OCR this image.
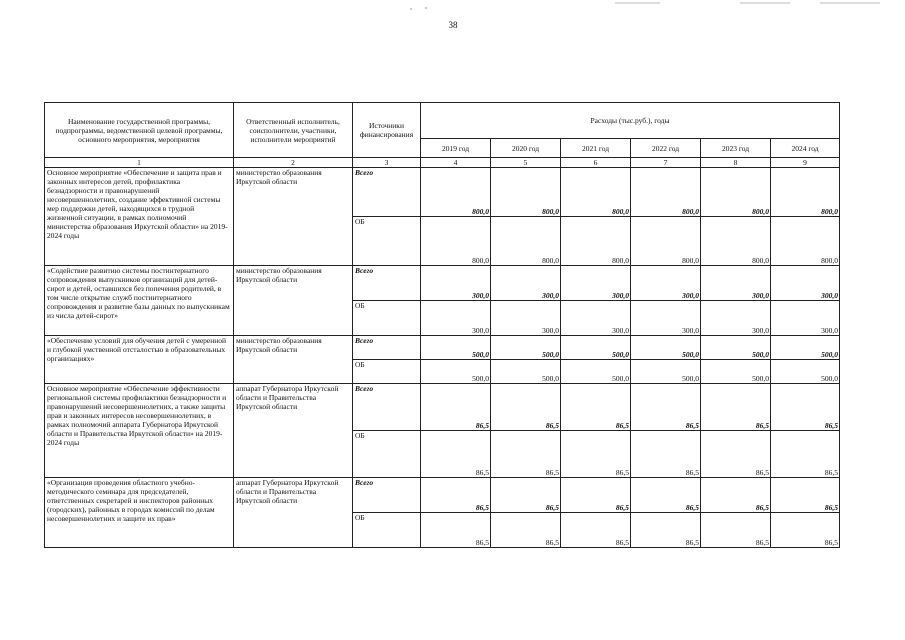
38
Наименование государственной программы, подпрограммы, ведомственной целевой программы, основного мероприятия, мероприятия	Ответственный исполнитель, соисполнители, участники, исполнители мероприятий	Источники финансирования	Расходы (тыс.руб.), годы					
			2019 год	2020 год	2021 год	2022 год	2023 год	2024 год
1	2	3	4	5	6	7	8	9
Основное мероприятие «Обеспечение и защита прав и законных интересов детей, профилактика безнадзорности и правонарушений несовершеннолетних, создание эффективной системы мер поддержки детей, находящихся в трудной жизненной ситуации, в рамках полномочий министерства образования Иркутской области» на 2019-2024 годы	министерство образования Иркутской области	Всего	800,0	800,0	800,0	800,0	800,0	800,0
		ОБ	800,0	800,0	800,0	800,0	800,0	800,0
«Содействие развитию системы постинтернатного сопровождения выпускников организаций для детей-сирот и детей, оставшихся без попечения родителей, в том числе открытие служб постинтернатного сопровождения и развитие базы данных по выпускникам из числа детей-сирот»	министерство образования Иркутской области	Всего	300,0	300,0	300,0	300,0	300,0	300,0
		ОБ	300,0	300,0	300,0	300,0	300,0	300,0
«Обеспечение условий для обучения детей с умеренной и глубокой умственной отсталостью в образовательных организациях»	министерство образования Иркутской области	Всего	500,0	500,0	500,0	500,0	500,0	500,0
		ОБ	500,0	500,0	500,0	500,0	500,0	500,0
Основное мероприятие «Обеспечение эффективности региональной системы профилактики безнадзорности и правонарушений несовершеннолетних, а также защиты прав и законных интересов несовершеннолетних, в рамках полномочий аппарата Губернатора Иркутской области и Правительства Иркутской области» на 2019-2024 годы	аппарат Губернатора Иркутской области и Правительства Иркутской области	Всего	86,5	86,5	86,5	86,5	86,5	86,5
		ОБ	86,5	86,5	86,5	86,5	86,5	86,5
«Организация проведения областного учебно-методического семинара для председателей, ответственных секретарей и инспекторов районных (городских), районных в городах комиссий по делам несовершеннолетних и защите их прав»	аппарат Губернатора Иркутской области и Правительства Иркутской области	Всего	86,5	86,5	86,5	86,5	86,5	86,5
		ОБ	86,5	86,5	86,5	86,5	86,5	86,5
